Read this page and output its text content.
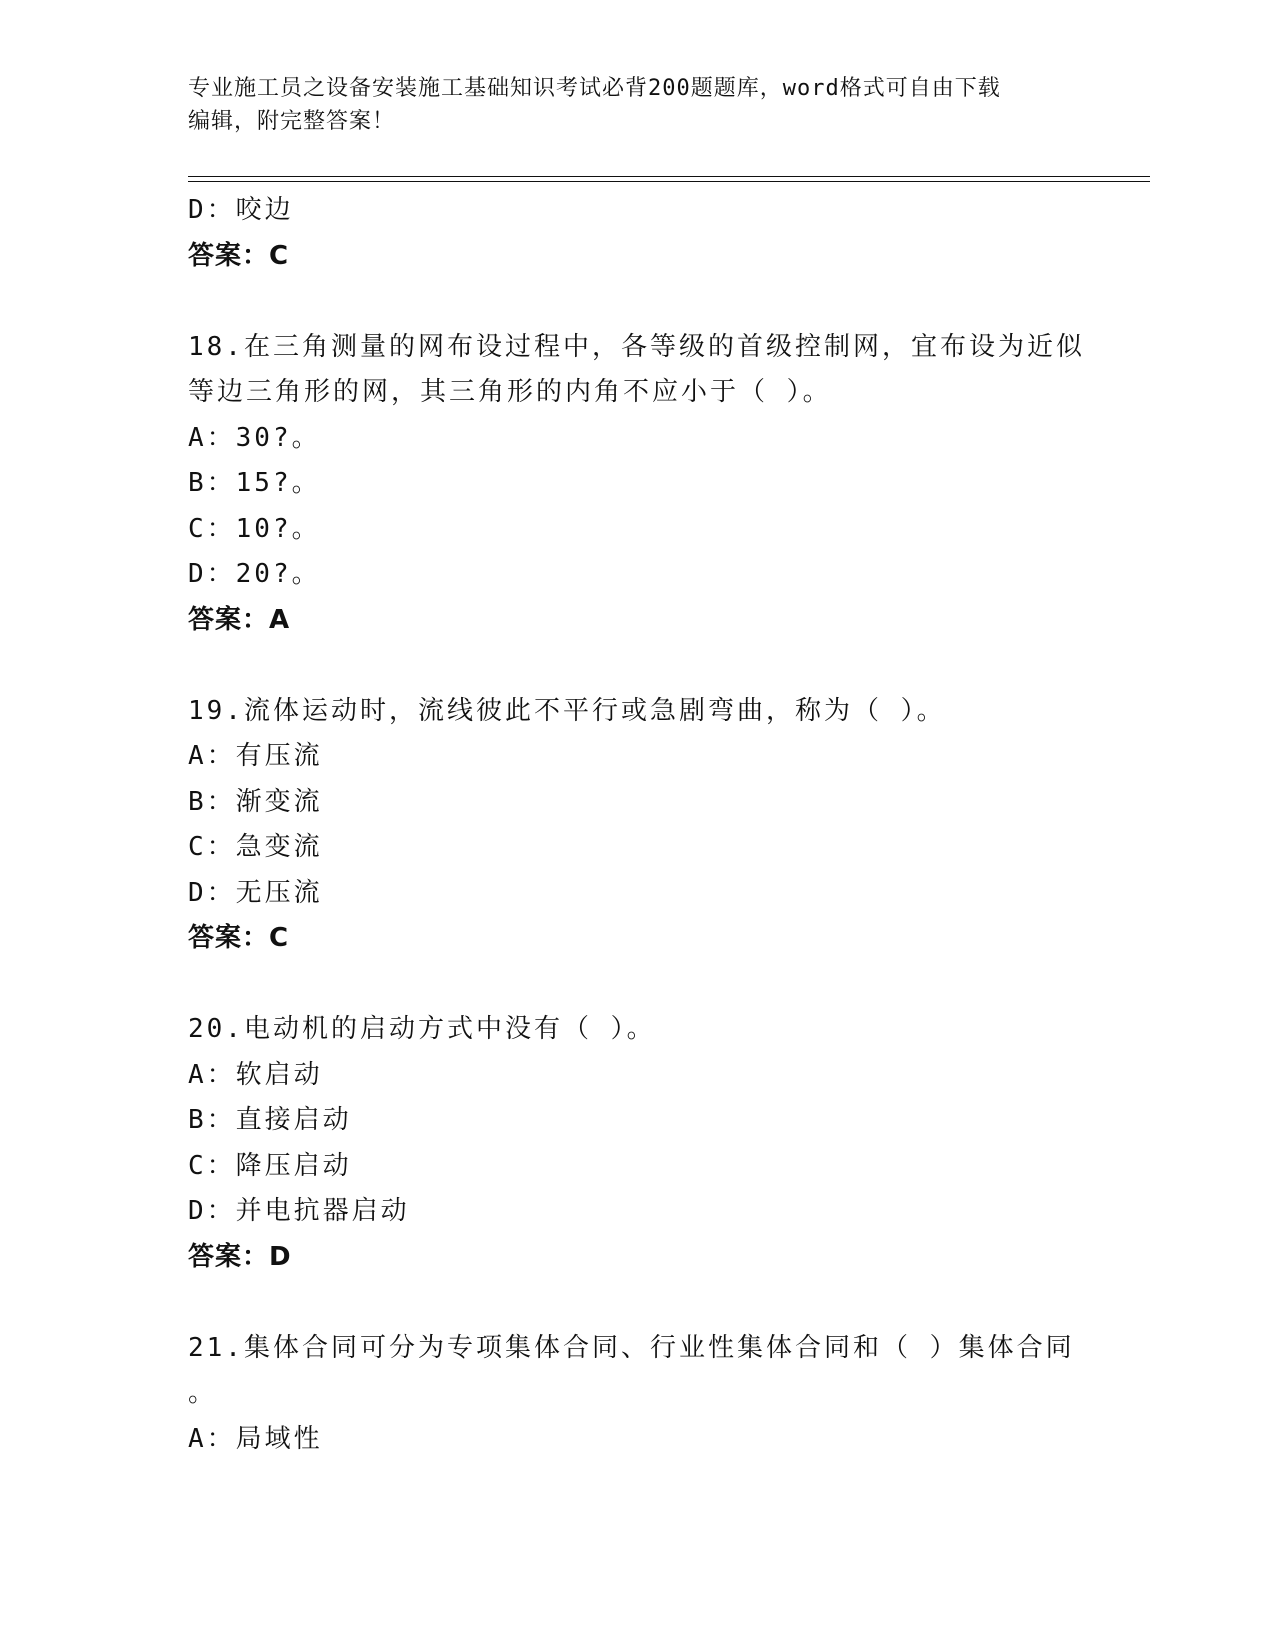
专业施工员之设备安装施工基础知识考试必背200题题库，word格式可自由下载
编辑，附完整答案！
D：咬边
答案：C
18.在三角测量的网布设过程中，各等级的首级控制网，宜布设为近似
等边三角形的网，其三角形的内角不应小于（ ）。
A：30?。
B：15?。
C：10?。
D：20?。
答案：A
19.流体运动时，流线彼此不平行或急剧弯曲，称为（ ）。
A：有压流
B：渐变流
C：急变流
D：无压流
答案：C
20.电动机的启动方式中没有（ ）。
A：软启动
B：直接启动
C：降压启动
D：并电抗器启动
答案：D
21.集体合同可分为专项集体合同、行业性集体合同和（ ）集体合同
。
A：局域性
